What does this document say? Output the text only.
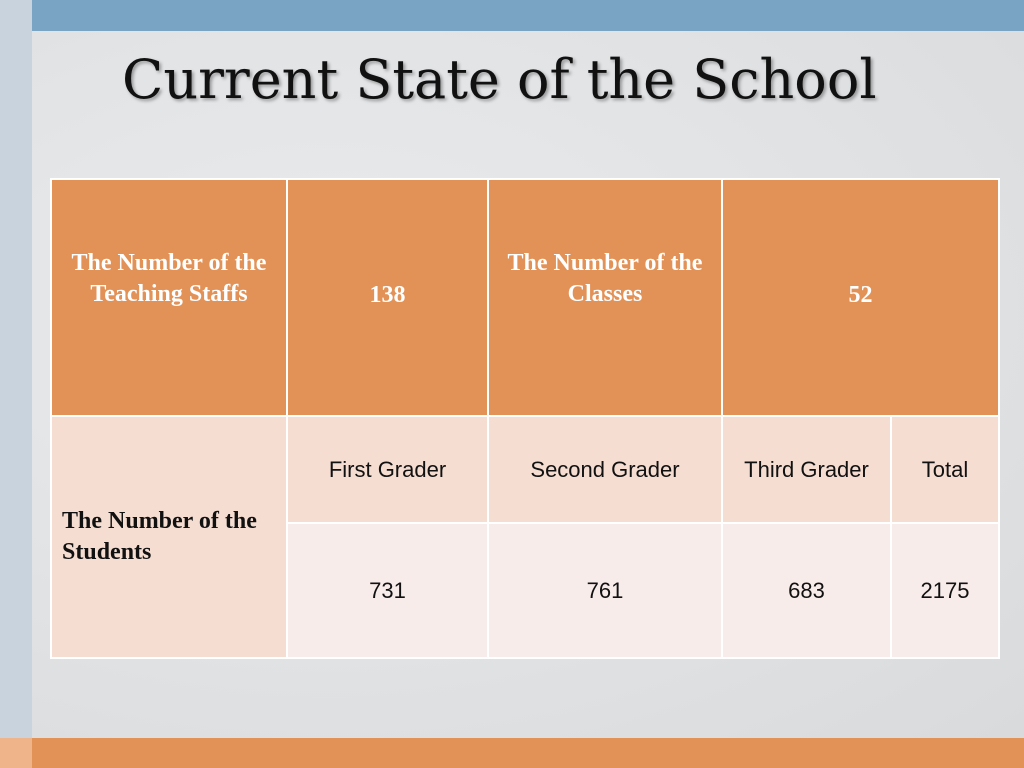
Current State of the School
The Number of the Teaching Staffs	138	The Number of the Classes	52	

The Number of the Students	First Grader	Second Grader	Third Grader	Total
	731	761	683	2175
